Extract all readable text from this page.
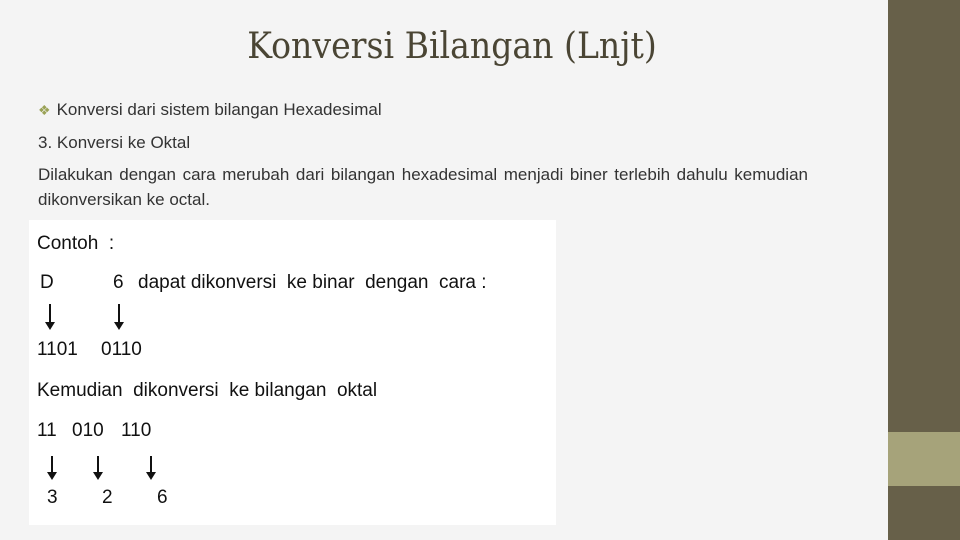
Konversi Bilangan (Lnjt)
❖ Konversi dari sistem bilangan Hexadesimal
3. Konversi ke Oktal
Dilakukan dengan cara merubah dari bilangan hexadesimal menjadi biner terlebih dahulu kemudian dikonversikan ke octal.
Contoh  :
D	6 dapat dikonversi  ke binar  dengan  cara :
1101 0110
Kemudian  dikonversi  ke bilangan  oktal
11 010 110
3 2 6
